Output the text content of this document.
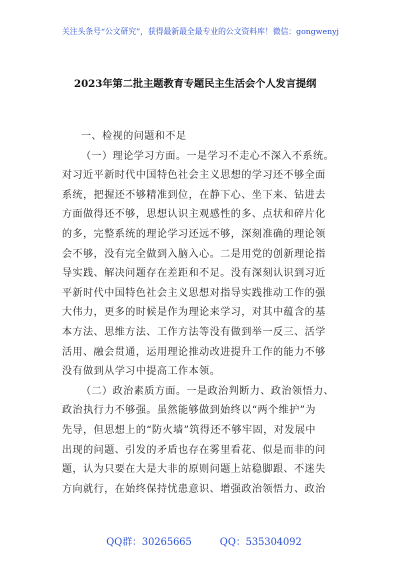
关注头条号“公文研究”，获得最新最全最专业的公文资料库！微信：gongwenyj
2023年第二批主题教育专题民主生活会个人发言提纲
一、检视的问题和不足
（一）理论学习方面。一是学习不走心不深入不系统。
对习近平新时代中国特色社会主义思想的学习还不够全面
系统，把握还不够精准到位，在静下心、坐下来、钻进去
方面做得还不够，思想认识主观感性的多、点状和碎片化
的多，完整系统的理论学习还远不够，深刻准确的理论领
会不够，没有完全做到入脑入心。二是用党的创新理论指
导实践、解决问题存在差距和不足。没有深刻认识到习近
平新时代中国特色社会主义思想对指导实践推动工作的强
大伟力，更多的时候是作为理论来学习，对其中蕴含的基
本方法、思维方法、工作方法等没有做到举一反三、活学
活用、融会贯通，运用理论推动改进提升工作的能力不够
没有做到从学习中提高工作本领。
（二）政治素质方面。一是政治判断力、政治领悟力、
政治执行力不够强。虽然能够做到始终以“两个维护”为
先导，但思想上的“防火墙”筑得还不够牢固，对发展中
出现的问题、引发的矛盾也存在雾里看花、似是而非的问
题，认为只要在大是大非的原则问题上站稳脚跟、不迷失
方向就行，在始终保持忧患意识、增强政治领悟力、政治
QQ群：30265665	QQ：535304092
